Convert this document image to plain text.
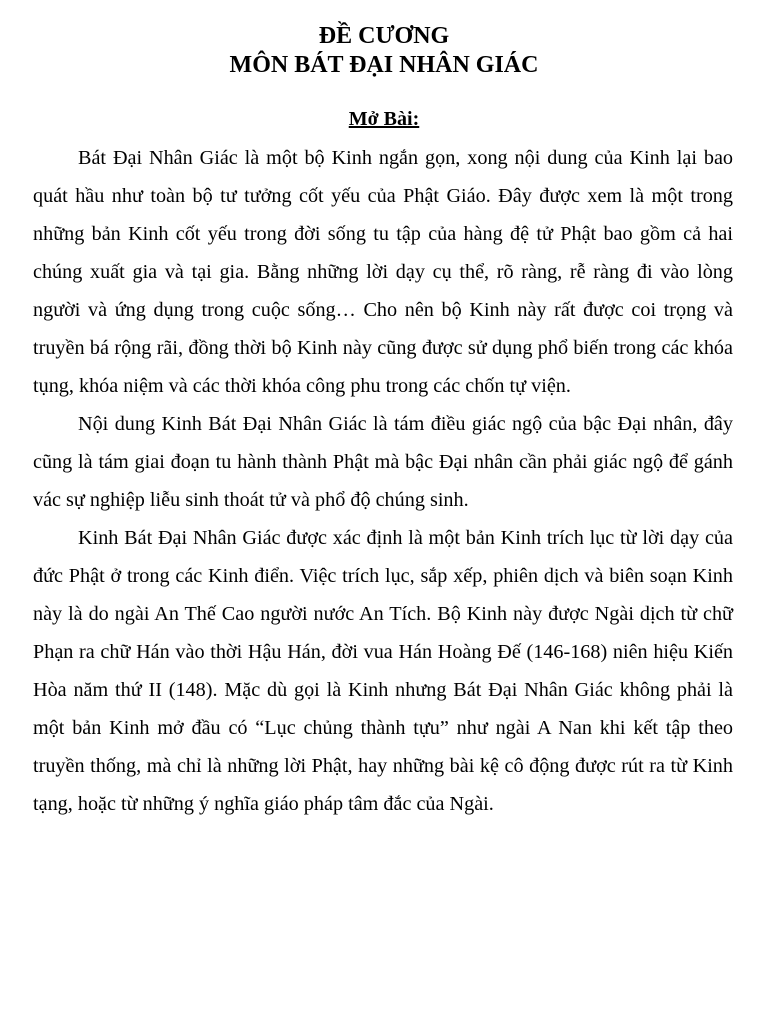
ĐỀ CƯƠNG

MÔN BÁT ĐẠI NHÂN GIÁC

Mở Bài:

Bát Đại Nhân Giác là một bộ Kinh ngắn gọn, xong nội dung của Kinh lại bao quát hầu như toàn bộ tư tưởng cốt yếu của Phật Giáo. Đây được xem là một trong những bản Kinh cốt yếu trong đời sống tu tập của hàng đệ tử Phật bao gồm cả hai chúng xuất gia và tại gia. Bằng những lời dạy cụ thể, rõ ràng, rễ ràng đi vào lòng người và ứng dụng trong cuộc sống… Cho nên bộ Kinh này rất được coi trọng và truyền bá rộng rãi, đồng thời bộ Kinh này cũng được sử dụng phổ biến trong các khóa tụng, khóa niệm và các thời khóa công phu trong các chốn tự viện.

Nội dung Kinh Bát Đại Nhân Giác là tám điều giác ngộ của bậc Đại nhân, đây cũng là tám giai đoạn tu hành thành Phật mà bậc Đại nhân cần phải giác ngộ để gánh vác sự nghiệp liễu sinh thoát tử và phổ độ chúng sinh.

Kinh Bát Đại Nhân Giác được xác định là một bản Kinh trích lục từ lời dạy của đức Phật ở trong các Kinh điển. Việc trích lục, sắp xếp, phiên dịch và biên soạn Kinh này là do ngài An Thế Cao người nước An Tích. Bộ Kinh này được Ngài dịch từ chữ Phạn ra chữ Hán vào thời Hậu Hán, đời vua Hán Hoàng Đế (146-168) niên hiệu Kiến Hòa năm thứ II (148). Mặc dù gọi là Kinh nhưng Bát Đại Nhân Giác không phải là một bản Kinh mở đầu có “Lục chủng thành tựu” như ngài A Nan khi kết tập theo truyền thống, mà chỉ là những lời Phật, hay những bài kệ cô động được rút ra từ Kinh tạng, hoặc từ những ý nghĩa giáo pháp tâm đắc của Ngài.
